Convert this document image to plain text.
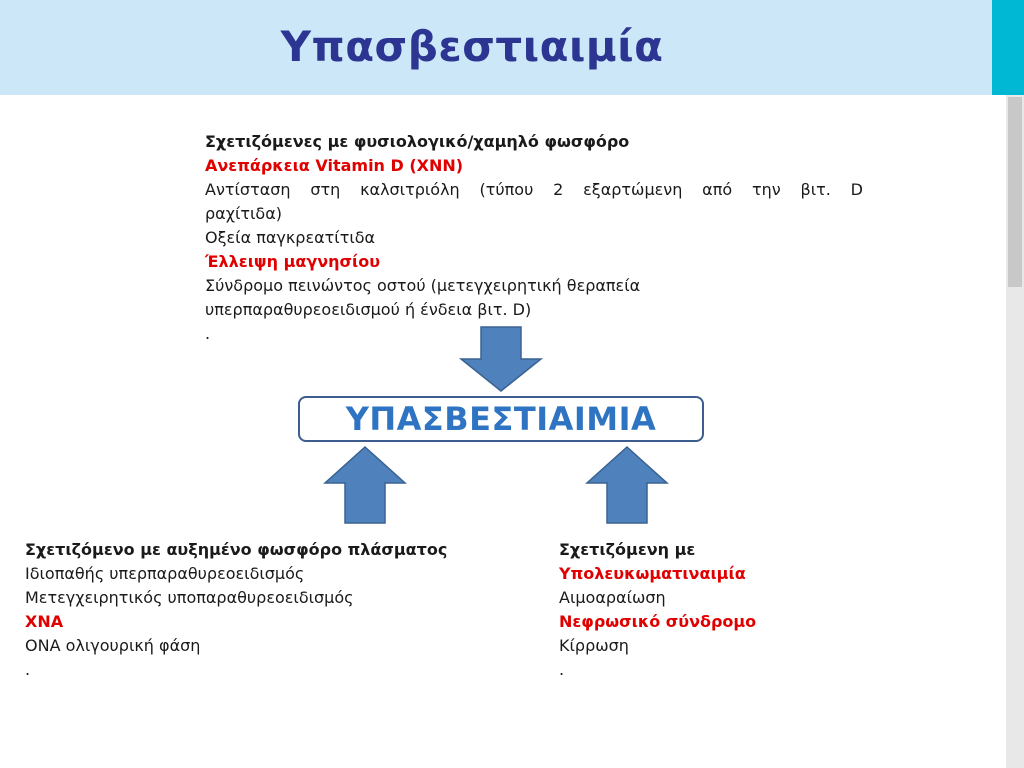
Υπασβεστιαιμία
Σχετιζόμενες με φυσιολογικό/χαμηλό φωσφόρο
Ανεπάρκεια Vitamin D (ΧΝΝ)
Αντίσταση στη καλσιτριόλη (τύπου 2 εξαρτώμενη από την βιτ. D
ραχίτιδα)
Οξεία παγκρεατίτιδα
Έλλειψη μαγνησίου
Σύνδρομο πεινώντος οστού (μετεγχειρητική θεραπεία
υπερπαραθυρεοειδισμού ή ένδεια βιτ. D)
.
ΥΠΑΣΒΕΣΤΙΑΙΜΙΑ
Σχετιζόμενο με αυξημένο φωσφόρο πλάσματος
Ιδιοπαθής υπερπαραθυρεοειδισμός
Μετεγχειρητικός υποπαραθυρεοειδισμός
ΧΝΑ
ΟΝΑ ολιγουρική φάση
.
Σχετιζόμενη με
Υπολευκωματιναιμία
Αιμοαραίωση
Νεφρωσικό σύνδρομο
Κίρρωση
.
